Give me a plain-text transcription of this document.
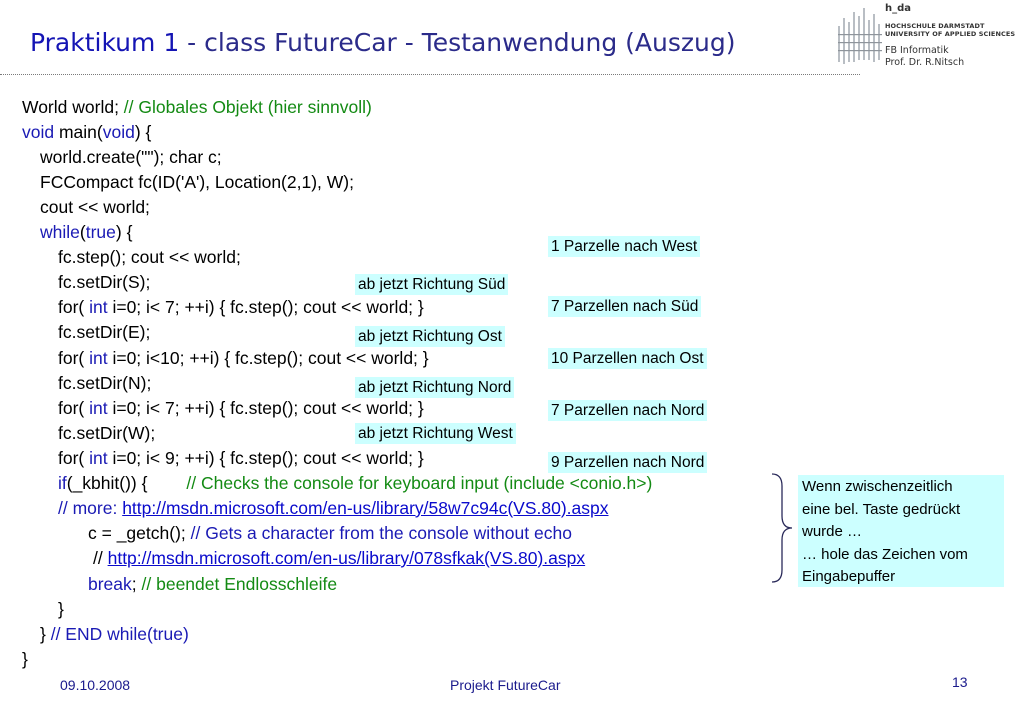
Praktikum 1 - class FutureCar - Testanwendung (Auszug)
h_da
HOCHSCHULE DARMSTADT
UNIVERSITY OF APPLIED SCIENCES
FB Informatik
Prof. Dr. R.Nitsch
World world; // Globales Objekt (hier sinnvoll)
void main(void) {
world.create(""); char c;
FCCompact fc(ID('A'), Location(2,1), W);
cout << world;
while(true) {
fc.step(); cout << world;
fc.setDir(S);
for( int i=0; i< 7; ++i) { fc.step(); cout << world; }
fc.setDir(E);
for( int i=0; i<10; ++i) { fc.step(); cout << world; }
fc.setDir(N);
for( int i=0; i< 7; ++i) { fc.step(); cout << world; }
fc.setDir(W);
for( int i=0; i< 9; ++i) { fc.step(); cout << world; }
if(_kbhit()) {        // Checks the console for keyboard input (include <conio.h>)
// more: http://msdn.microsoft.com/en-us/library/58w7c94c(VS.80).aspx
c = _getch(); // Gets a character from the console without echo
// http://msdn.microsoft.com/en-us/library/078sfkak(VS.80).aspx
break; // beendet Endlosschleife
}
} // END while(true)
}
1 Parzelle nach West
ab jetzt Richtung Süd
7 Parzellen nach Süd
ab jetzt Richtung Ost
10 Parzellen nach Ost
ab jetzt Richtung Nord
7 Parzellen nach Nord
ab jetzt Richtung West
9 Parzellen nach Nord
Wenn zwischenzeitlich
eine bel. Taste gedrückt
wurde …
… hole das Zeichen vom
Eingabepuffer
09.10.2008	Projekt FutureCar	13
